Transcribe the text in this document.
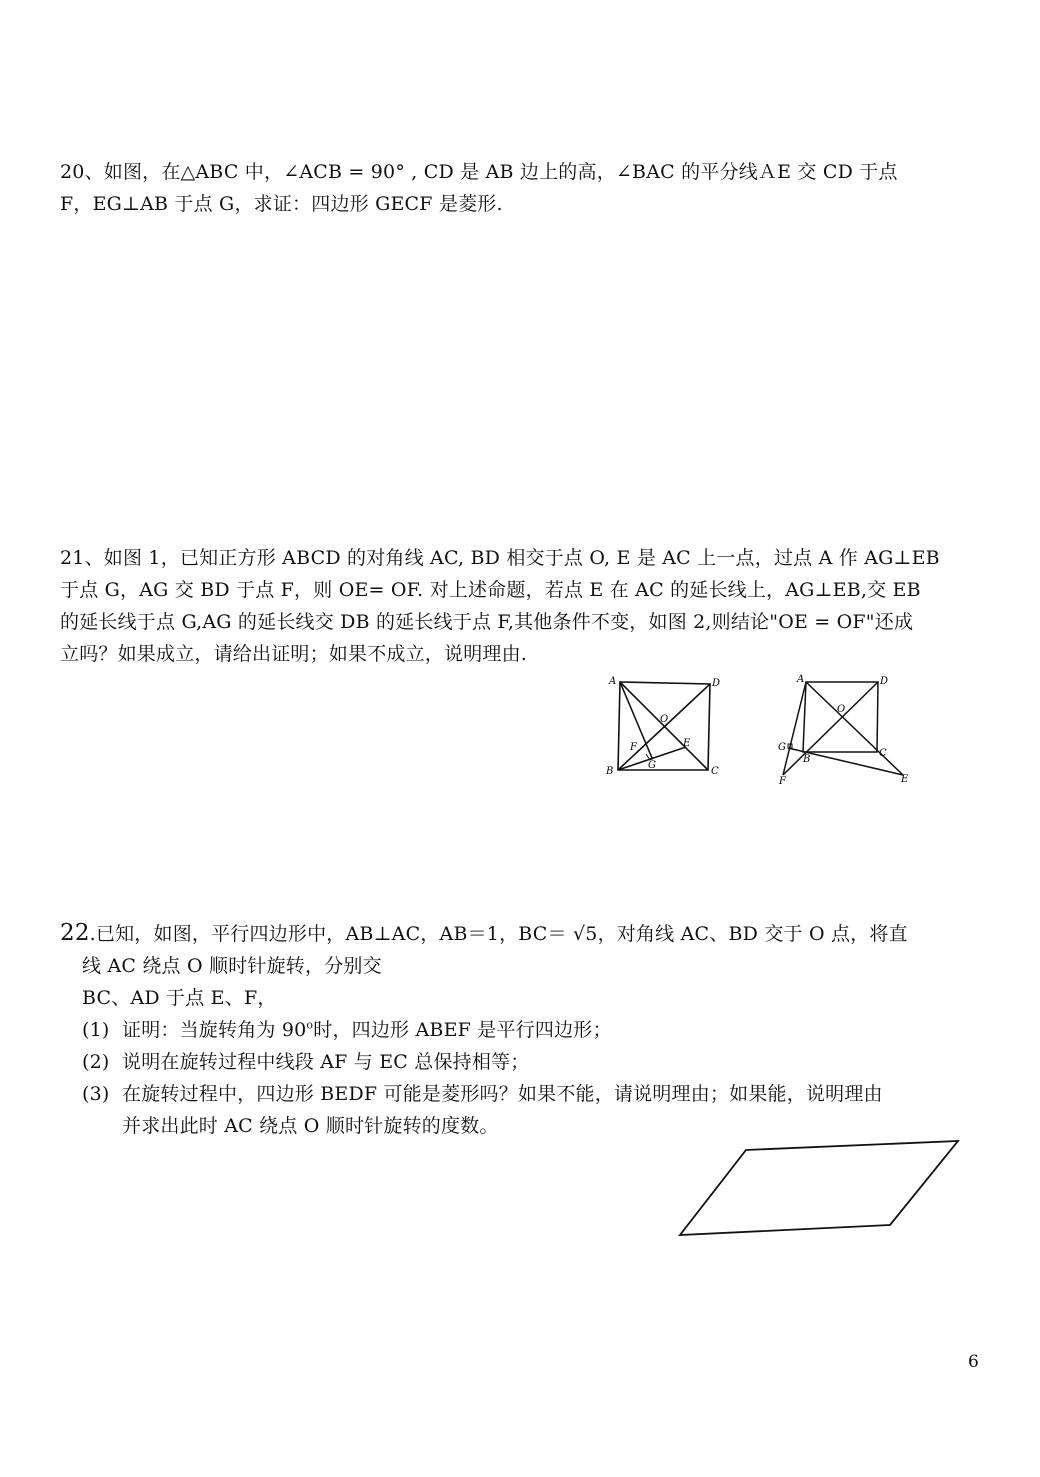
20、如图，在△ABC 中，∠ACB = 90° , CD 是 AB 边上的高，∠BAC 的平分线ＡE 交 CD 于点

F，EG⊥AB 于点 G，求证：四边形 GECF 是菱形.

21、如图 1，已知正方形 ABCD 的对角线 AC, BD 相交于点 O, E 是 AC 上一点，过点 A 作 AG⊥EB

于点 G，AG 交 BD 于点 F，则 OE= OF. 对上述命题，若点 E 在 AC 的延长线上，AG⊥EB,交 EB

的延长线于点 G,AG 的延长线交 DB 的延长线于点 F,其他条件不变，如图 2,则结论"OE = OF"还成

立吗？如果成立，请给出证明；如果不成立，说明理由.

A	D
O
F	E
G
B	C
A	D
O
G
B
C
F	E

22.已知，如图，平行四边形中，AB⊥AC，AB＝1，BC＝ √5，对角线 AC、BD 交于 O 点，将直

线 AC 绕点 O 顺时针旋转，分别交

BC、AD 于点 E、F，

(1) 证明：当旋转角为 90$^o$时，四边形 ABEF 是平行四边形；
(2) 说明在旋转过程中线段 AF 与 EC 总保持相等；
(3) 在旋转过程中，四边形 BEDF 可能是菱形吗？如果不能，请说明理由；如果能，说明理由
并求出此时 AC 绕点 O 顺时针旋转的度数。
6
